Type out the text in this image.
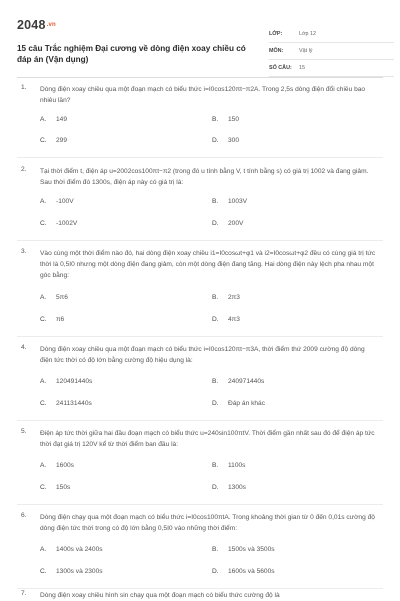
$2048^{.vn}$
15 câu Trắc nghiệm Đại cương về dòng điện xoay chiều có đáp án (Vận dụng)
LỚP:	Lớp 12
MÔN:	Vật lý
SỐ CÂU:	15
1. Dòng điện xoay chiều qua một đoạn mạch có biểu thức i=I0cos120πt−π2A. Trong 2,5s dòng điện đổi chiều bao nhiêu lần?
A. 149	B. 150
C. 299	D. 300
2. Tại thời điểm t, điện áp u=2002cos100πt−π2 (trong đó u tính bằng V, t tính bằng s) có giá trị 1002 và đang giảm. Sau thời điểm đó 1300s, điện áp này có giá trị là:
A. -100V	B. 1003V
C. -1002V	D. 200V
3. Vào cùng một thời điểm nào đó, hai dòng điện xoay chiều i1=I0cosωt+φ1 và i2=I0cosωt+φ2 đều có cùng giá trị tức thời là 0,5I0 nhưng một dòng điện đang giảm, còn một dòng điện đang tăng. Hai dòng điện này lệch pha nhau một góc bằng:
A. 5π6	B. 2π3
C. π6	D. 4π3
4. Dòng điện xoay chiều qua một đoạn mạch có biểu thức i=I0cos120πt−π3A, thời điểm thứ 2009 cường độ dòng điện tức thời có độ lớn bằng cường độ hiệu dụng là:
A. 120491440s	B. 240971440s
C. 241131440s	D. Đáp án khác
5. Điện áp tức thời giữa hai đầu đoạn mạch có biểu thức u=240sin100πtV. Thời điểm gần nhất sau đó để điện áp tức thời đạt giá trị 120V kể từ thời điểm ban đầu là:
A. 1600s	B. 1100s
C. 150s	D. 1300s
6. Dòng điện chạy qua một đoạn mạch có biểu thức i=I0cos100πtA. Trong khoảng thời gian từ 0 đến 0,01s cường độ dòng điện tức thời trong có độ lớn bằng 0,5I0 vào những thời điểm:
A. 1400s và 2400s	B. 1500s và 3500s
C. 1300s và 2300s	D. 1600s và 5600s
7. Dòng điện xoay chiều hình sin chạy qua một đoạn mạch có biểu thức cường độ là
